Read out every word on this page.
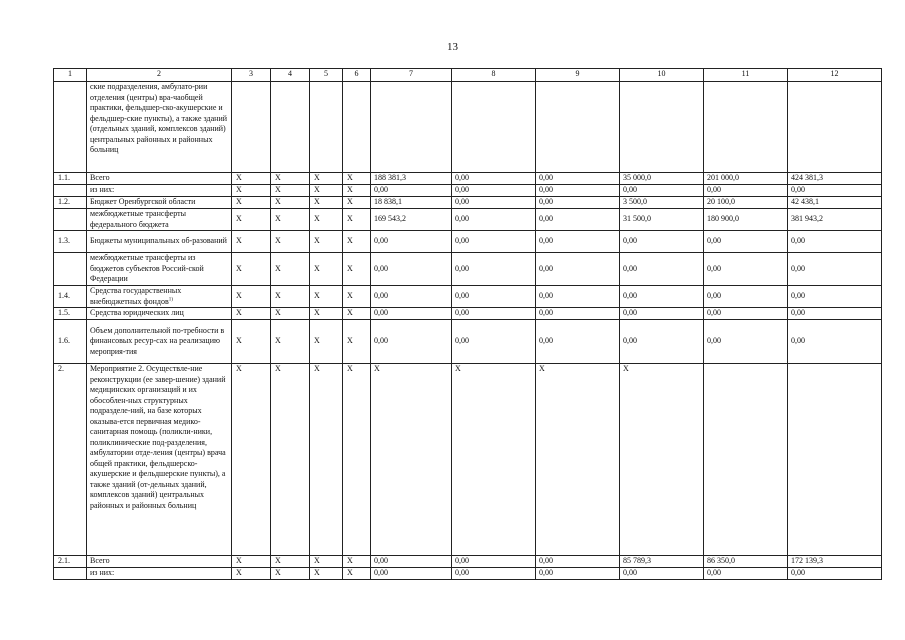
13
1	2	3	4	5	6	7	8	9	10	11	12
	ские подразделения, амбулато-рии отделения (центры) вра-чаобщей практики, фельдшер-ско-акушерские и фельдшер-ские пункты), а также зданий (отдельных зданий, комплексов зданий) центральных районных и районных больниц										
1.1.	Всего	X	X	X	X	188 381,3	0,00	0,00	35 000,0	201 000,0	424 381,3
	из них:	X	X	X	X	0,00	0,00	0,00	0,00	0,00	0,00
1.2.	Бюджет Оренбургской области	X	X	X	X	18 838,1	0,00	0,00	3 500,0	20 100,0	42 438,1
	межбюджетные трансферты федерального бюджета	X	X	X	X	169 543,2	0,00	0,00	31 500,0	180 900,0	381 943,2
1.3.	Бюджеты муниципальных об-разований	X	X	X	X	0,00	0,00	0,00	0,00	0,00	0,00
	межбюджетные трансферты из бюджетов субъектов Россий-ской Федерации	X	X	X	X	0,00	0,00	0,00	0,00	0,00	0,00
1.4.	Средства государственных внебюджетных фондов$^{1)}$	X	X	X	X	0,00	0,00	0,00	0,00	0,00	0,00
1.5.	Средства юридических лиц	X	X	X	X	0,00	0,00	0,00	0,00	0,00	0,00
1.6.	Объем дополнительной по-требности в финансовых ресур-сах на реализацию мероприя-тия	X	X	X	X	0,00	0,00	0,00	0,00	0,00	0,00
2.	Мероприятие 2. Осуществле-ние реконструкции (ее завер-шение) зданий медицинских организаций и их обособлен-ных структурных подразделе-ний, на базе которых оказыва-ется первичная медико-санитарная помощь (поликли-ники, поликлинические под-разделения, амбулатории отде-ления (центры) врача общей практики, фельдшерско-акушерские и фельдшерские пункты), а также зданий (от-дельных зданий, комплексов зданий) центральных районных и районных больниц	X	X	X	X	X	X	X	X		
2.1.	Всего	X	X	X	X	0,00	0,00	0,00	85 789,3	86 350,0	172 139,3
	из них:	X	X	X	X	0,00	0,00	0,00	0,00	0,00	0,00
